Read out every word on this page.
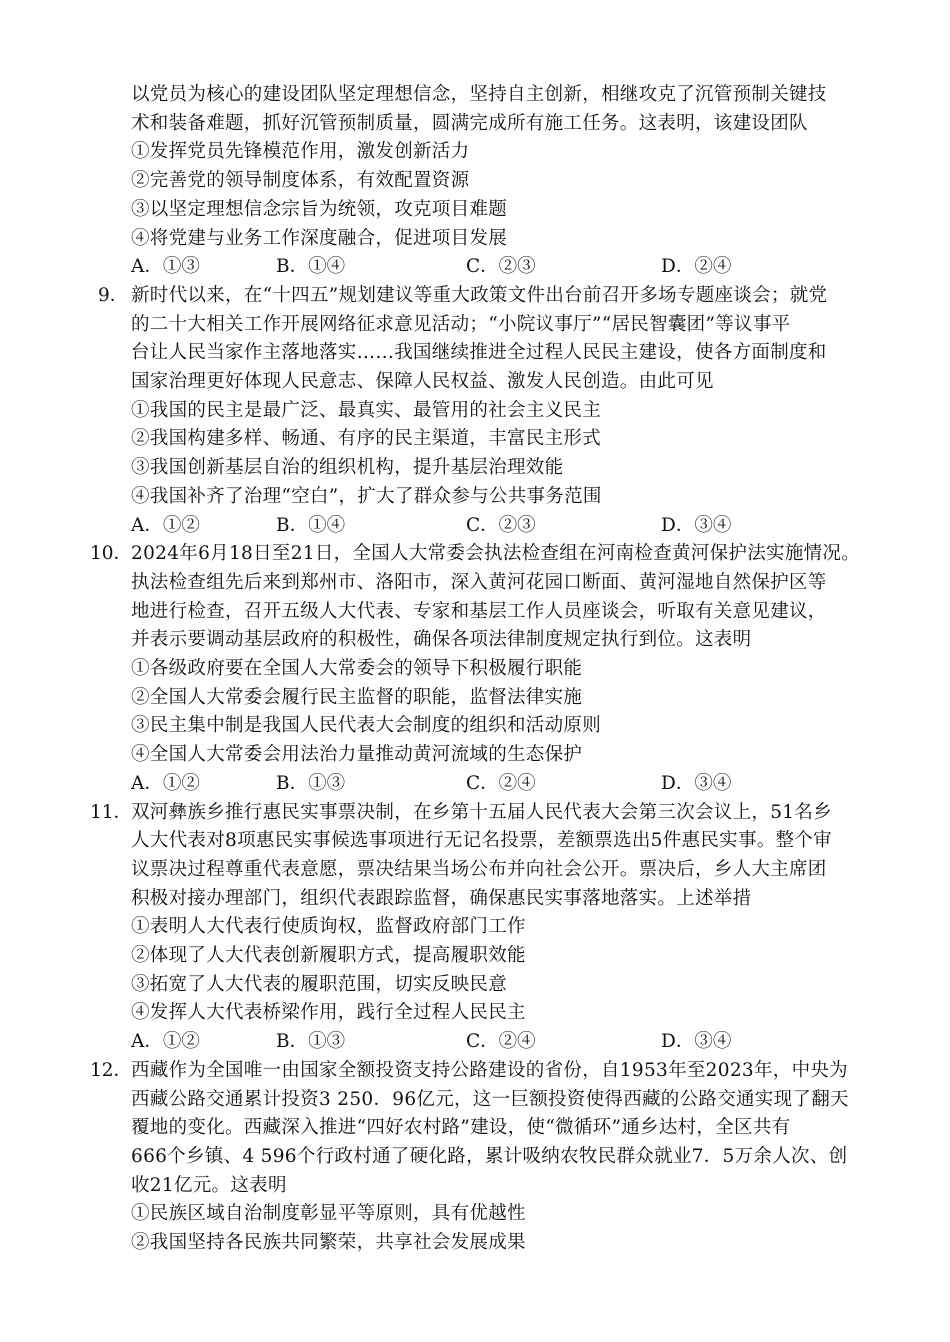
以党员为核心的建设团队坚定理想信念，坚持自主创新，相继攻克了沉管预制关键技
术和装备难题，抓好沉管预制质量，圆满完成所有施工任务。这表明，该建设团队
①发挥党员先锋模范作用，激发创新活力
②完善党的领导制度体系，有效配置资源
③以坚定理想信念宗旨为统领，攻克项目难题
④将党建与业务工作深度融合，促进项目发展
A．①③	B．①④	C．②③	D．②④
9． 新时代以来，在“十四五”规划建议等重大政策文件出台前召开多场专题座谈会；就党
的二十大相关工作开展网络征求意见活动；“小院议事厅”“居民智囊团”等议事平
台让人民当家作主落地落实……我国继续推进全过程人民民主建设，使各方面制度和
国家治理更好体现人民意志、保障人民权益、激发人民创造。由此可见
①我国的民主是最广泛、最真实、最管用的社会主义民主
②我国构建多样、畅通、有序的民主渠道，丰富民主形式
③我国创新基层自治的组织机构，提升基层治理效能
④我国补齐了治理“空白”，扩大了群众参与公共事务范围
A．①②	B．①④	C．②③	D．③④
10．
2024年6月18日至21日，全国人大常委会执法检查组在河南检查黄河保护法实施情况。
执法检查组先后来到郑州市、洛阳市，深入黄河花园口断面、黄河湿地自然保护区等
地进行检查，召开五级人大代表、专家和基层工作人员座谈会，听取有关意见建议，
并表示要调动基层政府的积极性，确保各项法律制度规定执行到位。这表明
①各级政府要在全国人大常委会的领导下积极履行职能
②全国人大常委会履行民主监督的职能，监督法律实施
③民主集中制是我国人民代表大会制度的组织和活动原则
④全国人大常委会用法治力量推动黄河流域的生态保护
A．①②	B．①③	C．②④	D．③④
11．
双河彝族乡推行惠民实事票决制，在乡第十五届人民代表大会第三次会议上，51名乡
人大代表对8项惠民实事候选事项进行无记名投票，差额票选出5件惠民实事。整个审
议票决过程尊重代表意愿，票决结果当场公布并向社会公开。票决后，乡人大主席团
积极对接办理部门，组织代表跟踪监督，确保惠民实事落地落实。上述举措
①表明人大代表行使质询权，监督政府部门工作
②体现了人大代表创新履职方式，提高履职效能
③拓宽了人大代表的履职范围，切实反映民意
④发挥人大代表桥梁作用，践行全过程人民民主
A．①②	B．①③	C．②④	D．③④
12．
西藏作为全国唯一由国家全额投资支持公路建设的省份，自1953年至2023年，中央为
西藏公路交通累计投资3 250．96亿元，这一巨额投资使得西藏的公路交通实现了翻天
覆地的变化。西藏深入推进“四好农村路”建设，使“微循环”通乡达村，全区共有
666个乡镇、4 596个行政村通了硬化路，累计吸纳农牧民群众就业7．5万余人次、创
收21亿元。这表明
①民族区域自治制度彰显平等原则，具有优越性
②我国坚持各民族共同繁荣，共享社会发展成果
